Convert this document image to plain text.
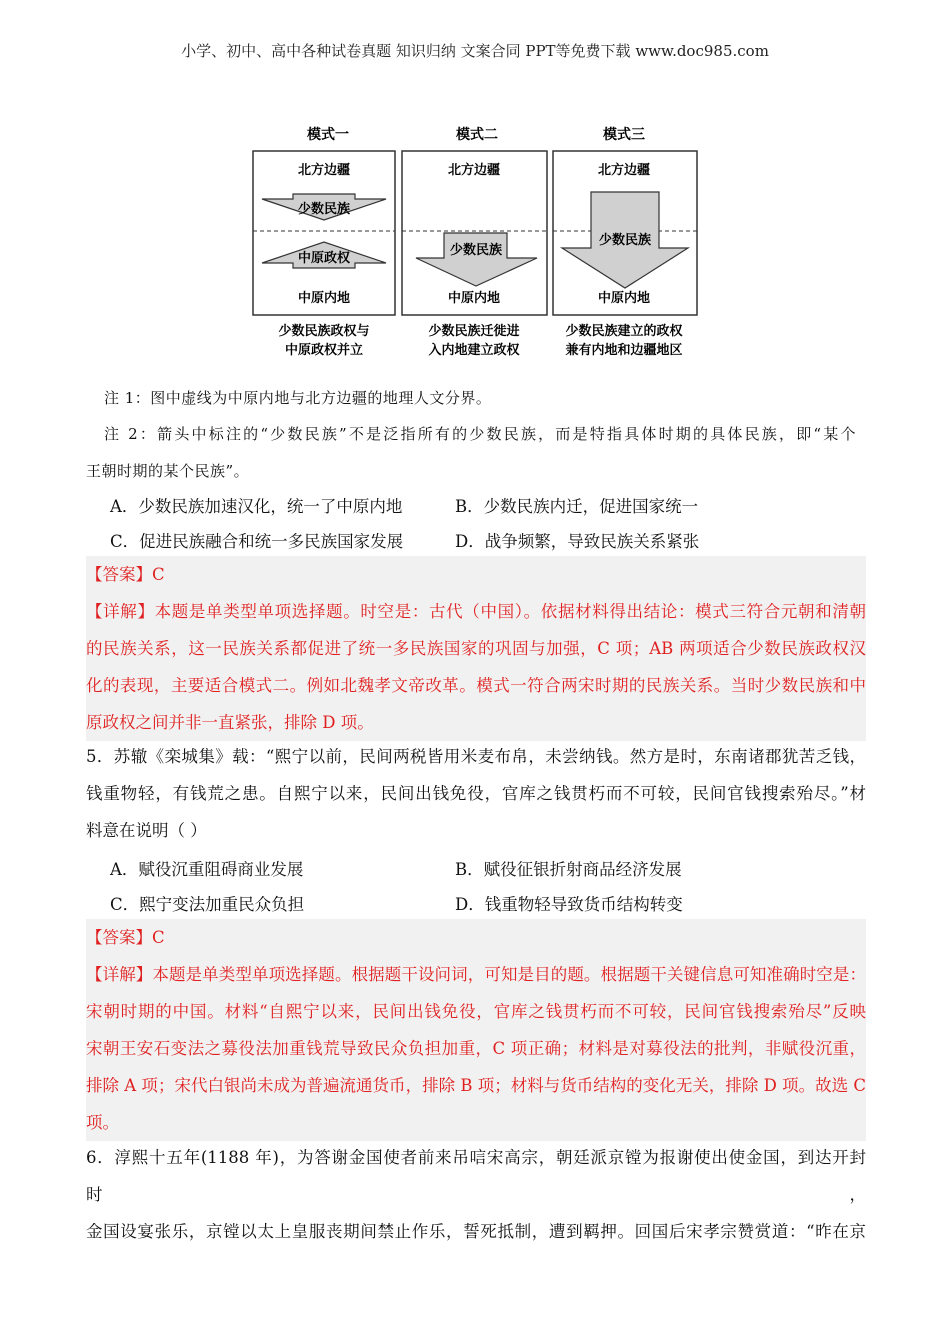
小学、初中、高中各种试卷真题 知识归纳 文案合同 PPT等免费下载 www.doc985.com
模式一
北方边疆
少数民族
中原政权
中原内地
少数民族政权与
中原政权并立
模式二
北方边疆
少数民族
中原内地
少数民族迁徙进
入内地建立政权
模式三
北方边疆
少数民族
中原内地
少数民族建立的政权
兼有内地和边疆地区
注 1：图中虚线为中原内地与北方边疆的地理人文分界。
注 2：箭头中标注的“少数民族”不是泛指所有的少数民族，而是特指具体时期的具体民族，即“某个
王朝时期的某个民族”。
A．少数民族加速汉化，统一了中原内地	B．少数民族内迁，促进国家统一
C．促进民族融合和统一多民族国家发展	D．战争频繁，导致民族关系紧张
【答案】C
【详解】本题是单类型单项选择题。时空是：古代（中国）。依据材料得出结论：模式三符合元朝和清朝
的民族关系，这一民族关系都促进了统一多民族国家的巩固与加强，C 项；AB 两项适合少数民族政权汉
化的表现，主要适合模式二。例如北魏孝文帝改革。模式一符合两宋时期的民族关系。当时少数民族和中
原政权之间并非一直紧张，排除 D 项。
5．苏辙《栾城集》载：“熙宁以前，民间两税皆用米麦布帛，未尝纳钱。然方是时，东南诸郡犹苦乏钱，
钱重物轻，有钱荒之患。自熙宁以来，民间出钱免役，官库之钱贯朽而不可较，民间官钱搜索殆尽。”材
料意在说明（ ）
A．赋役沉重阻碍商业发展	B．赋役征银折射商品经济发展
C．熙宁变法加重民众负担	D．钱重物轻导致货币结构转变
【答案】C
【详解】本题是单类型单项选择题。根据题干设问词，可知是目的题。根据题干关键信息可知准确时空是：
宋朝时期的中国。材料“自熙宁以来，民间出钱免役，官库之钱贯朽而不可较，民间官钱搜索殆尽”反映
宋朝王安石变法之募役法加重钱荒导致民众负担加重，C 项正确；材料是对募役法的批判，非赋役沉重，
排除 A 项；宋代白银尚未成为普遍流通货币，排除 B 项；材料与货币结构的变化无关，排除 D 项。故选 C
项。
6．淳熙十五年(1188 年)，为答谢金国使者前来吊唁宋高宗，朝廷派京镗为报谢使出使金国，到达开封时，
金国设宴张乐，京镗以太上皇服丧期间禁止作乐，誓死抵制，遭到羁押。回国后宋孝宗赞赏道：“昨在京
